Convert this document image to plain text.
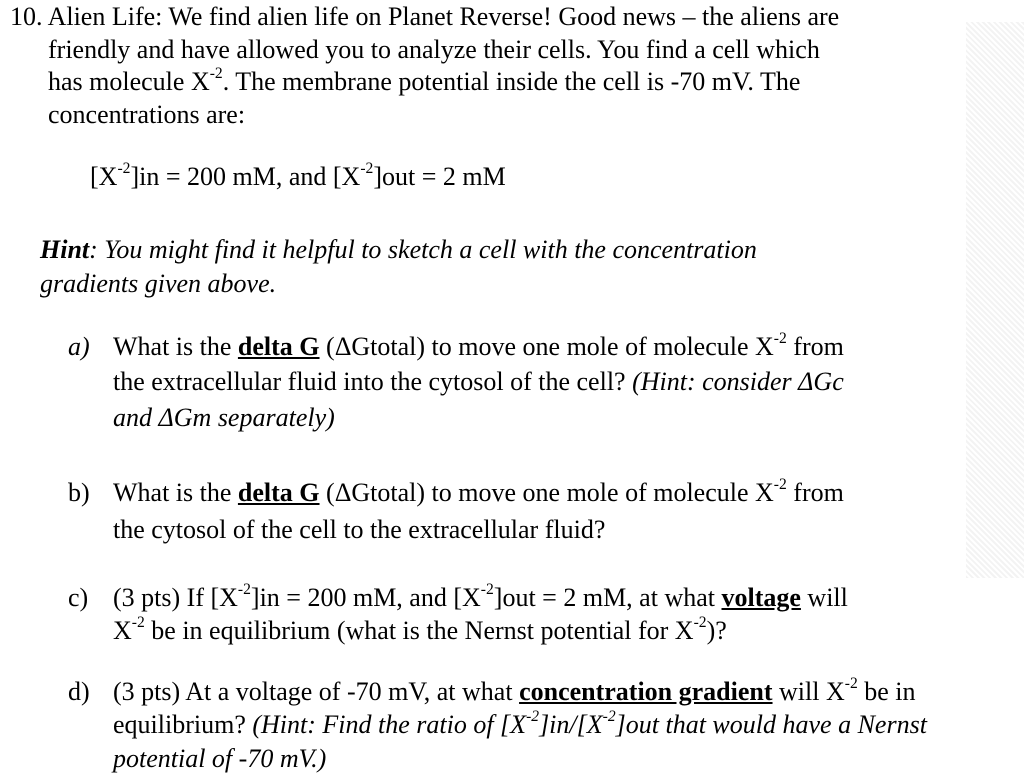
10. Alien Life: We find alien life on Planet Reverse! Good news – the aliens are
friendly and have allowed you to analyze their cells. You find a cell which
has molecule $X^{-2}$. The membrane potential inside the cell is -70 mV. The
concentrations are:
$[X^{-2}]in = 200$ mM, and $[X^{-2}]out = 2$ mM
Hint: You might find it helpful to sketch a cell with the concentration
gradients given above.
a) What is the delta G (ΔGtotal) to move one mole of molecule $X^{-2}$ from
the extracellular fluid into the cytosol of the cell? (Hint: consider ΔGc
and ΔGm separately)
b) What is the delta G (ΔGtotal) to move one mole of molecule $X^{-2}$ from
the cytosol of the cell to the extracellular fluid?
c) (3 pts) If $[X^{-2}]in = 200$ mM, and $[X^{-2}]out = 2$ mM, at what voltage will
$X^{-2}$ be in equilibrium (what is the Nernst potential for $X^{-2}$)?
d) (3 pts) At a voltage of -70 mV, at what concentration gradient will $X^{-2}$ be in
equilibrium? (Hint: Find the ratio of $[X^{-2}]in/[X^{-2}]out$ that would have a Nernst
potential of -70 mV.)
